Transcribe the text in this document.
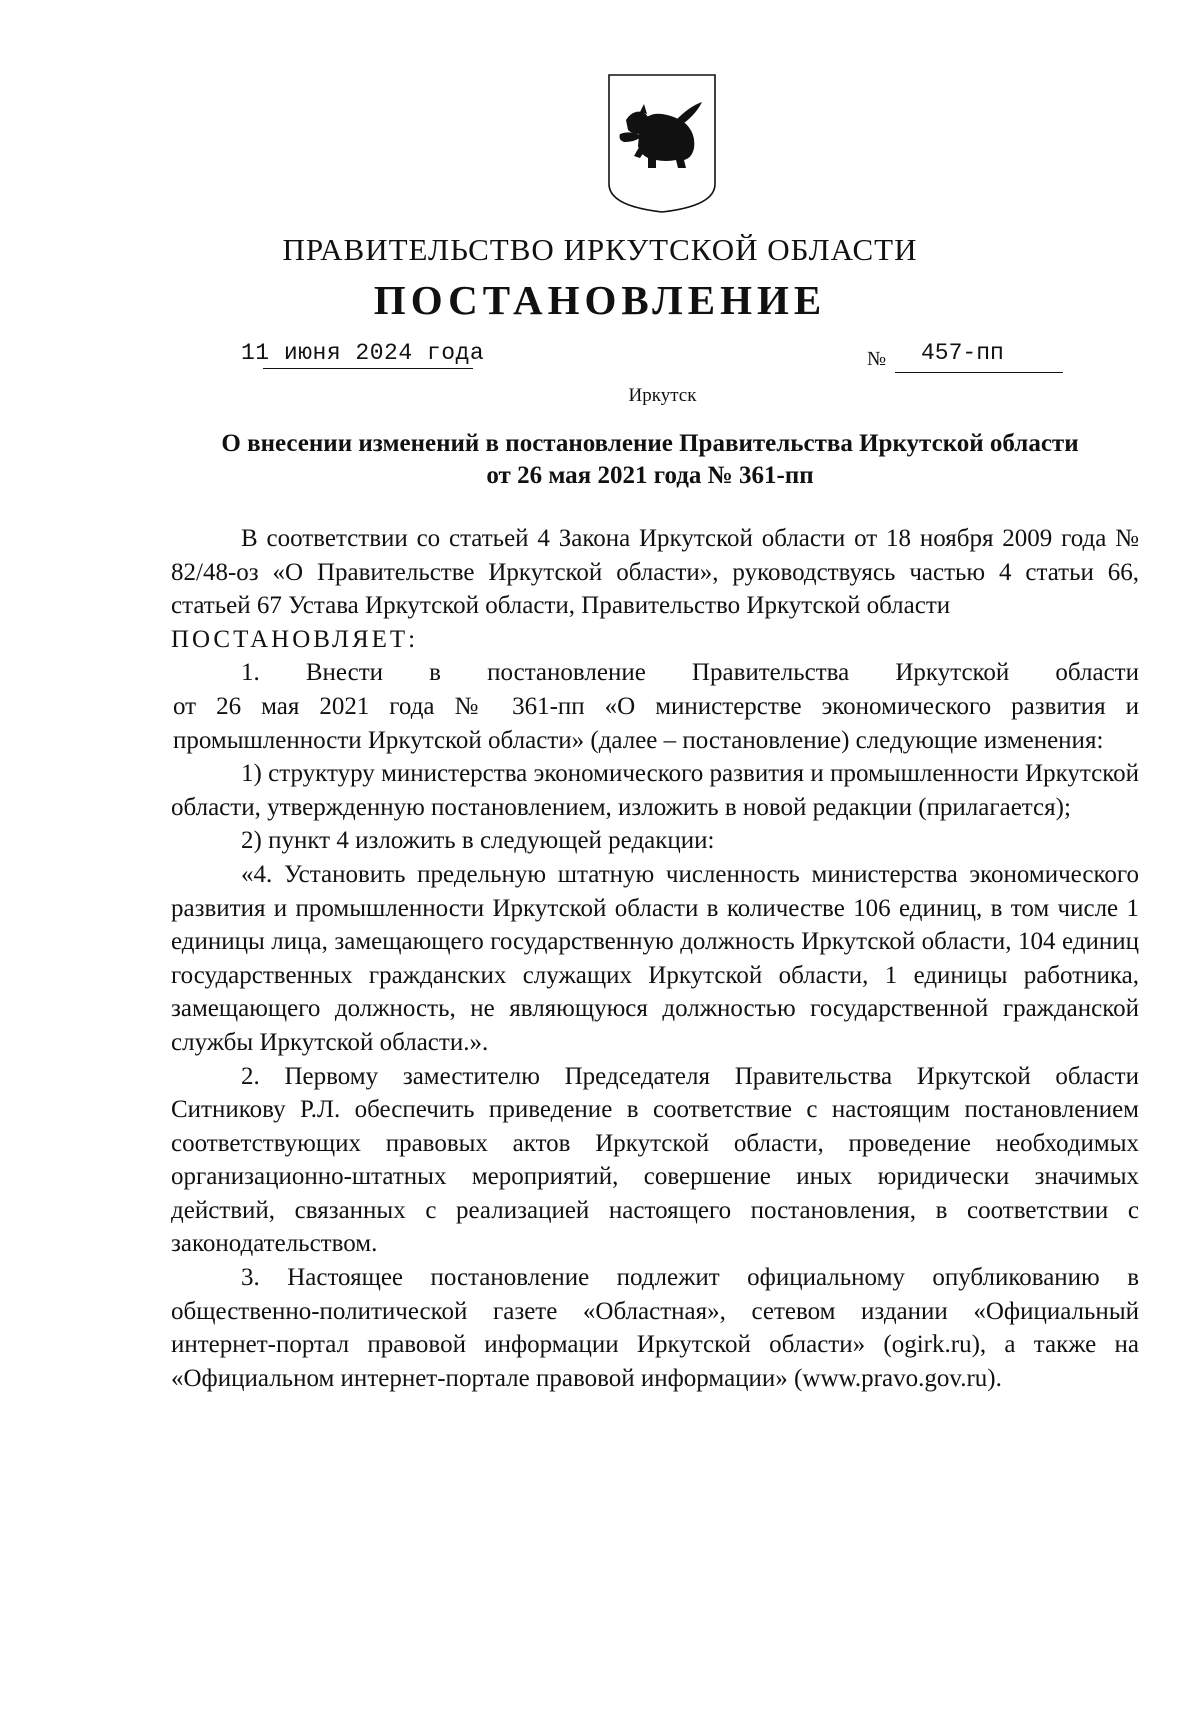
ПРАВИТЕЛЬСТВО ИРКУТСКОЙ ОБЛАСТИ
ПОСТАНОВЛЕНИЕ
11 июня 2024 года	№ 457-пп
Иркутск
О внесении изменений в постановление Правительства Иркутской области
от 26 мая 2021 года № 361-пп

В соответствии со статьей 4 Закона Иркутской области от 18 ноября 2009 года № 82/48-оз «О Правительстве Иркутской области», руководствуясь частью 4 статьи 66, статьей 67 Устава Иркутской области, Правительство Иркутской области

ПОСТАНОВЛЯЕТ:

1. Внести в постановление Правительства Иркутской области

от 26 мая 2021 года № 361-пп «О министерстве экономического развития и промышленности Иркутской области» (далее – постановление) следующие изменения:

1) структуру министерства экономического развития и промышленности Иркутской области, утвержденную постановлением, изложить в новой редакции (прилагается);

2) пункт 4 изложить в следующей редакции:

«4. Установить предельную штатную численность министерства экономического развития и промышленности Иркутской области в количестве 106 единиц, в том числе 1 единицы лица, замещающего государственную должность Иркутской области, 104 единиц государственных гражданских служащих Иркутской области, 1 единицы работника, замещающего должность, не являющуюся должностью государственной гражданской службы Иркутской области.».

2. Первому заместителю Председателя Правительства Иркутской области Ситникову Р.Л. обеспечить приведение в соответствие с настоящим постановлением соответствующих правовых актов Иркутской области, проведение необходимых организационно-штатных мероприятий, совершение иных юридически значимых действий, связанных с реализацией настоящего постановления, в соответствии с законодательством.

3. Настоящее постановление подлежит официальному опубликованию в общественно-политической газете «Областная», сетевом издании «Официальный интернет-портал правовой информации Иркутской области» (ogirk.ru), а также на «Официальном интернет-портале правовой информации» (www.pravo.gov.ru).
